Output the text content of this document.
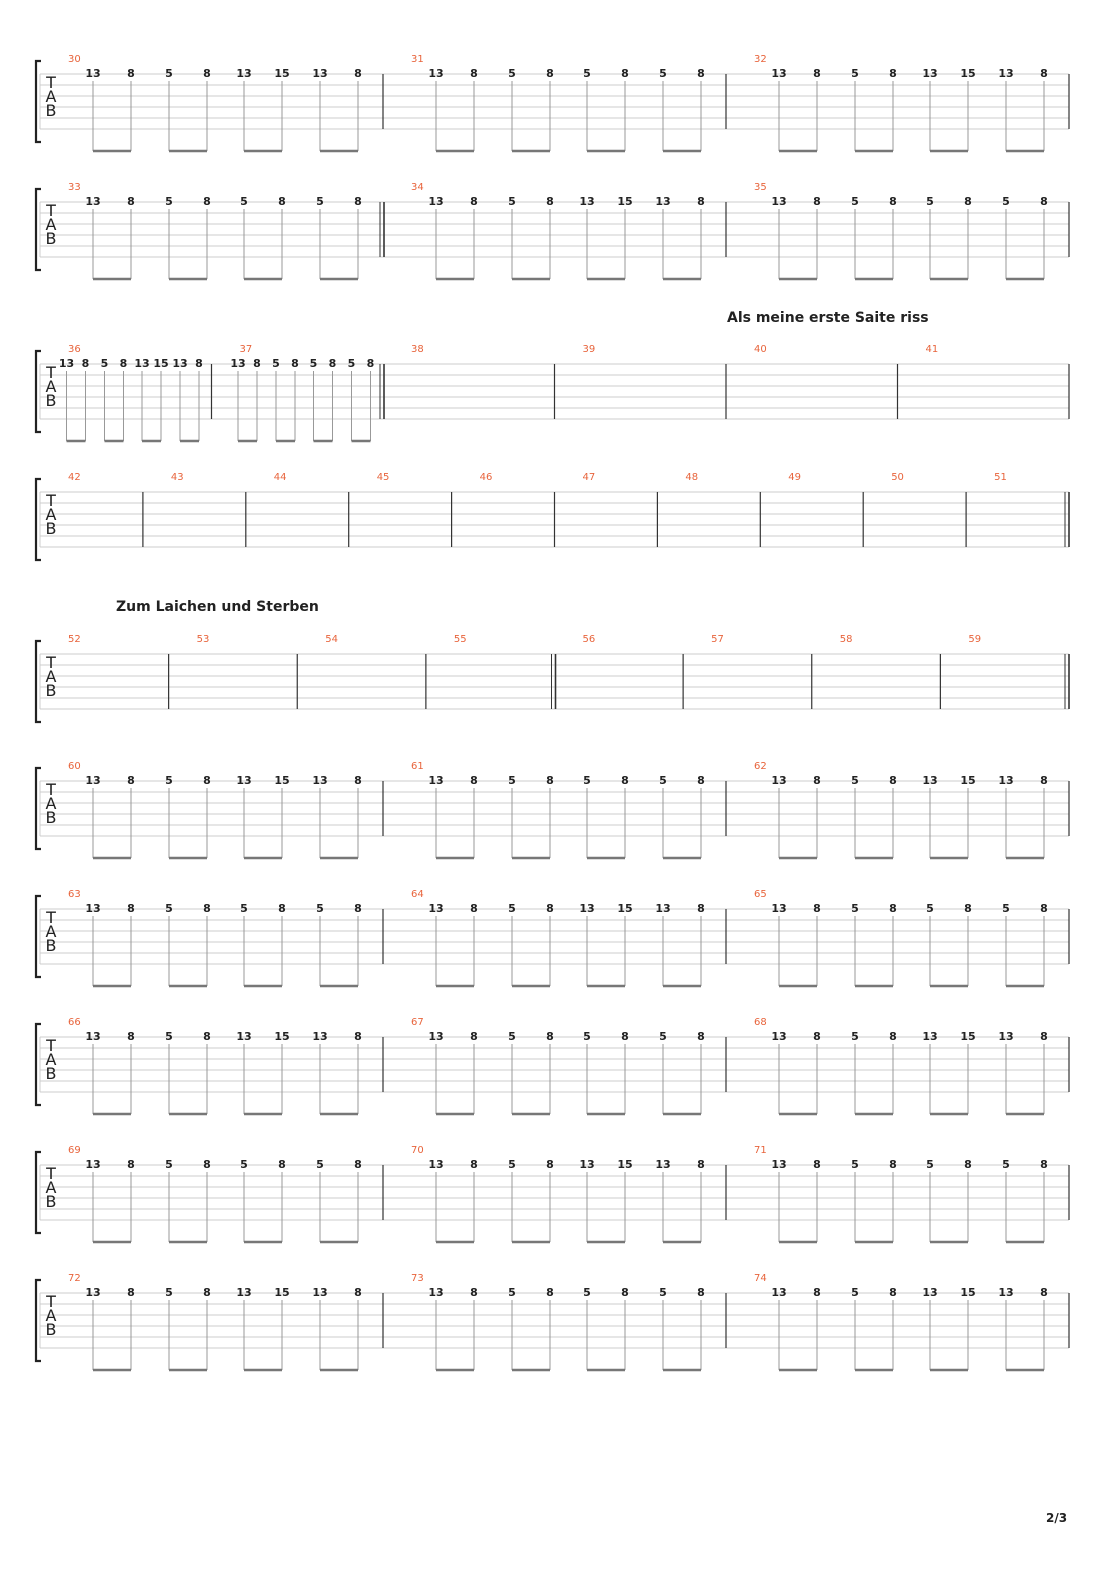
T
A
B
30
13 8	5	8 13 15 13 8
31
13 8	5	8	5	8	5	8
32
13 8	5	8 13 15 13 8
T
A
B
33
13 8	5	8	5	8	5	8
34
13 8	5	8 13 15 13 8
35
13 8	5	8	5	8	5	8
T
A
B
36
13 8 5 8 13 15 13 8
37
13 8 5 8 5 8 5 8
38	39	40	41
T
A
B
42	43	44	45	46	47	48	49	50	51
T
A
B
52	53	54	55	56	57	58	59
T
A
B
60
13 8	5	8 13 15 13 8
61
13 8	5	8	5	8	5	8
62
13 8	5	8 13 15 13 8
T
A
B
63
13 8	5	8	5	8	5	8
64
13 8	5	8 13 15 13 8
65
13 8	5	8	5	8	5	8
T
A
B
66
13 8	5	8 13 15 13 8
67
13 8	5	8	5	8	5	8
68
13 8	5	8 13 15 13 8
T
A
B
69
13 8	5	8	5	8	5	8
70
13 8	5	8 13 15 13 8
71
13 8	5	8	5	8	5	8
T
A
B
72
13 8	5	8 13 15 13 8
73
13 8	5	8	5	8	5	8
74
13 8	5	8 13 15 13 8
Als meine erste Saite riss
Zum Laichen und Sterben
2/3
